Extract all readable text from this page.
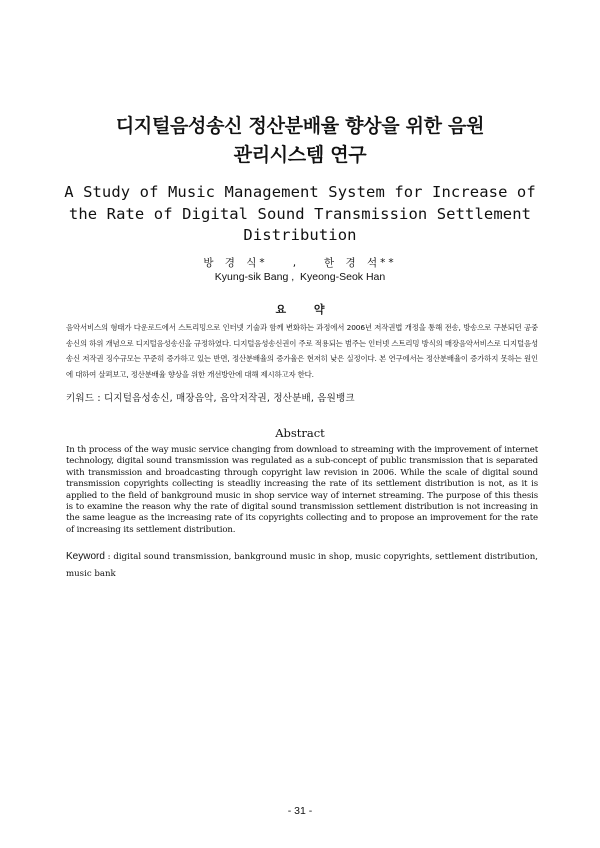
디지털음성송신 정산분배율 향상을 위한 음원
관리시스템 연구
A Study of Music Management System for Increase of
the Rate of Digital Sound Transmission Settlement
Distribution
방 경 식*   ,   한 경 석**
Kyung-sik Bang ,  Kyeong-Seok Han
요 약
음악서비스의 형태가 다운로드에서 스트리밍으로 인터넷 기술과 함께 변화하는 과정에서 2006년 저작권법 개정을 통해 전송, 방송으로 구분되던 공중송신의 하위 개념으로 디지털음성송신을 규정하였다. 디지털음성송신권이 주로 적용되는 범주는 인터넷 스트리밍 방식의 매장음악서비스로 디지털음성송신 저작권 징수규모는 꾸준히 증가하고 있는 반면, 정산분배율의 증가율은 현저히 낮은 실정이다. 본 연구에서는 정산분배율이 증가하지 못하는 원인에 대하여 살펴보고, 정산분배율 향상을 위한 개선방안에 대해 제시하고자 한다.
키워드 : 디지털음성송신, 매장음악, 음악저작권, 정산분배, 음원뱅크
Abstract
In th process of the way music service changing from download to streaming with the improvement of internet technology, digital sound transmission was regulated as a sub-concept of public transmission that is separated with transmission and broadcasting through copyright law revision in 2006. While the scale of digital sound transmission copyrights collecting is steadliy increasing the rate of its settlement distribution is not, as it is applied to the field of bankground music in shop service way of internet streaming. The purpose of this thesis is to examine the reason why the rate of digital sound transmission settlement distribution is not increasing in the same league as the increasing rate of its copyrights collecting and to propose an improvement for the rate of increasing its settlement distribution.
Keyword : digital sound transmission, bankground music in shop, music copyrights, settlement distribution, music bank
- 31 -
